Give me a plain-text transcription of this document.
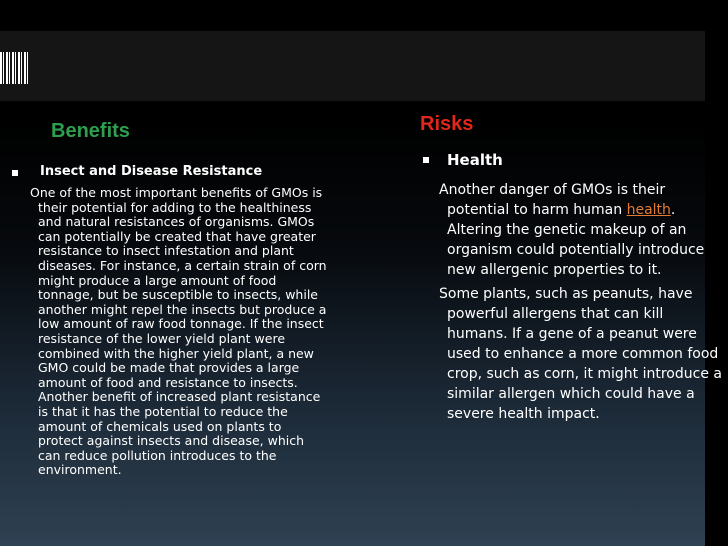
Benefits
Insect and Disease Resistance
One of the most important benefits of GMOs is their potential for adding to the healthiness and natural resistances of organisms. GMOs can potentially be created that have greater resistance to insect infestation and plant diseases. For instance, a certain strain of corn might produce a large amount of food tonnage, but be susceptible to insects, while another might repel the insects but produce a low amount of raw food tonnage. If the insect resistance of the lower yield plant were combined with the higher yield plant, a new GMO could be made that provides a large amount of food and resistance to insects. Another benefit of increased plant resistance is that it has the potential to reduce the amount of chemicals used on plants to protect against insects and disease, which can reduce pollution introduces to the environment.
Risks
Health
Another danger of GMOs is their potential to harm human health. Altering the genetic makeup of an organism could potentially introduce new allergenic properties to it.
Some plants, such as peanuts, have powerful allergens that can kill humans. If a gene of a peanut were used to enhance a more common food crop, such as corn, it might introduce a similar allergen which could have a severe health impact.
